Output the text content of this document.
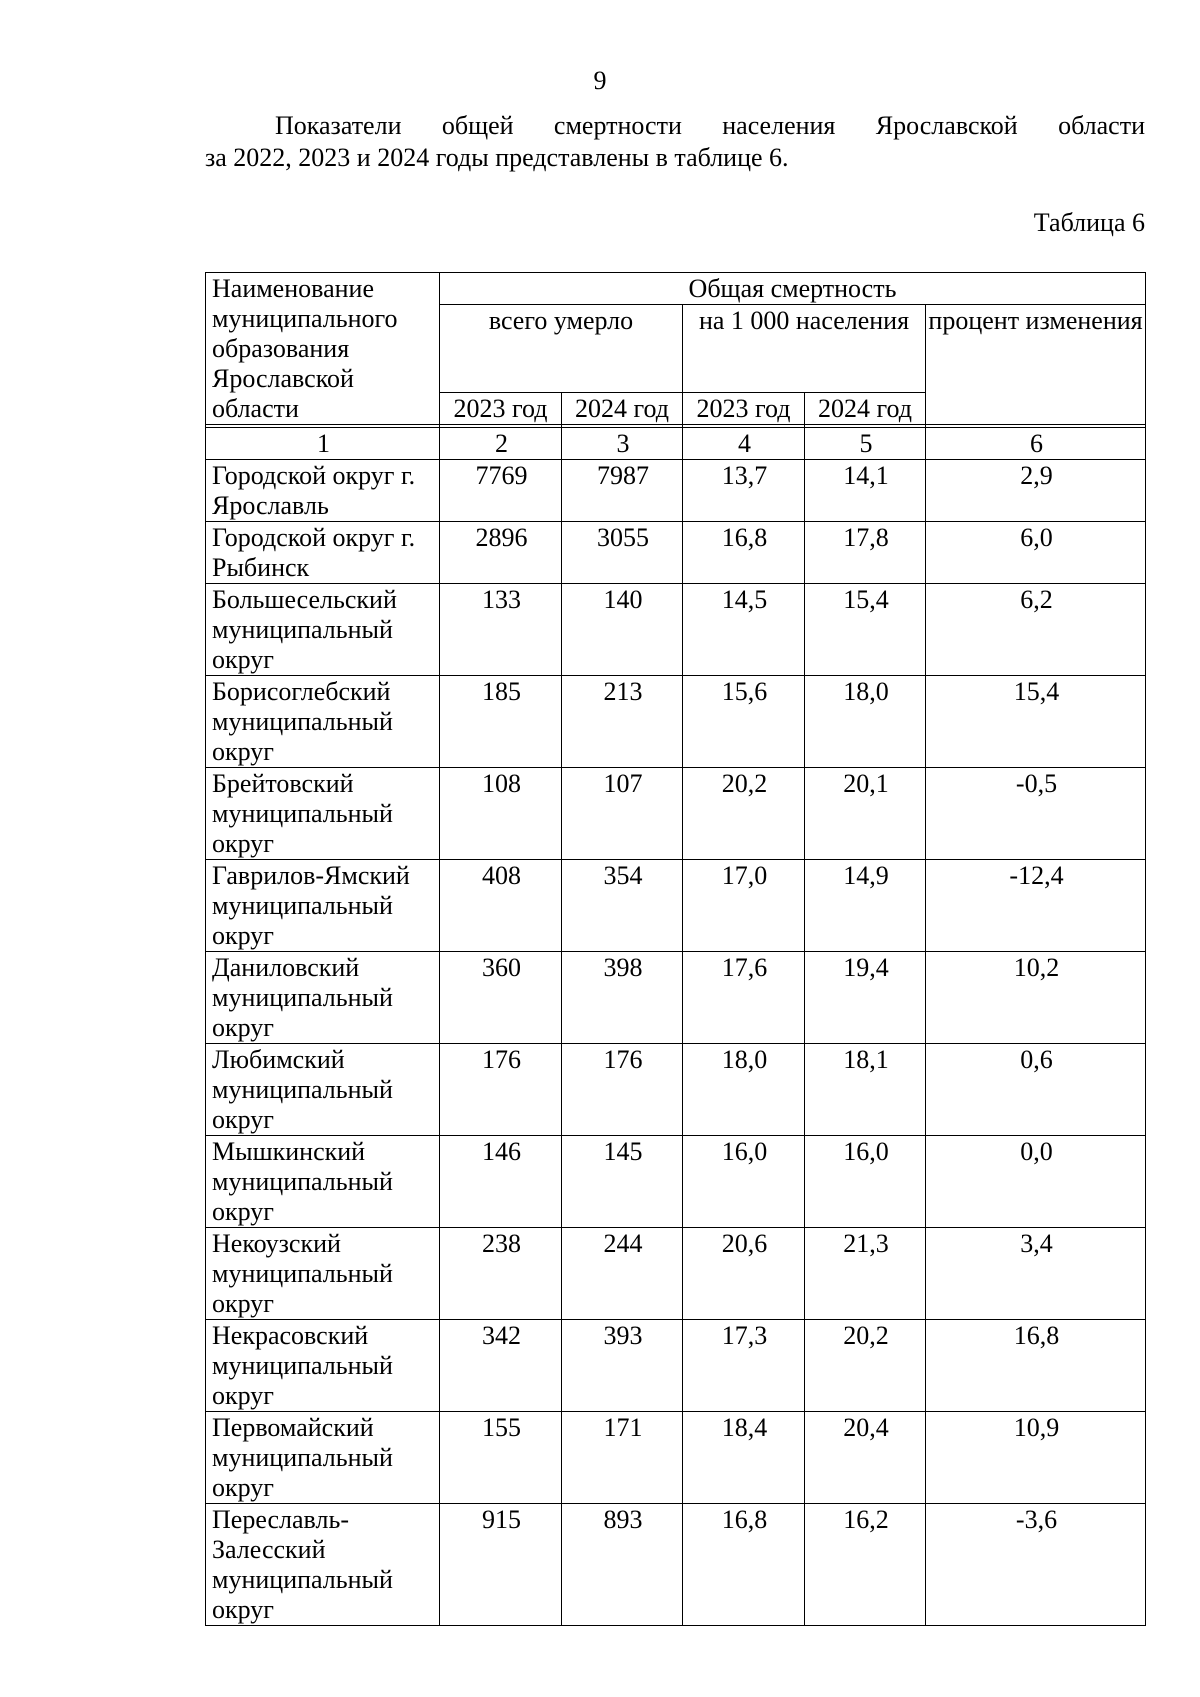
9
Показатели общей смертности населения Ярославской области
за 2022, 2023 и 2024 годы представлены в таблице 6.
Таблица 6
Наименование муниципального образования Ярославской области	Общая смертность				
	всего умерло		на 1 000 населения		процент изменения
	2023 год	2024 год	2023 год	2024 год	

1	2	3	4	5	6
Городской округ г. Ярославль	7769	7987	13,7	14,1	2,9
Городской округ г. Рыбинск	2896	3055	16,8	17,8	6,0
Большесельский муниципальный округ	133	140	14,5	15,4	6,2
Борисоглебский муниципальный округ	185	213	15,6	18,0	15,4
Брейтовский муниципальный округ	108	107	20,2	20,1	-0,5
Гаврилов-Ямский муниципальный округ	408	354	17,0	14,9	-12,4
Даниловский муниципальный округ	360	398	17,6	19,4	10,2
Любимский муниципальный округ	176	176	18,0	18,1	0,6
Мышкинский муниципальный округ	146	145	16,0	16,0	0,0
Некоузский муниципальный округ	238	244	20,6	21,3	3,4
Некрасовский муниципальный округ	342	393	17,3	20,2	16,8
Первомайский муниципальный округ	155	171	18,4	20,4	10,9
Переславль-Залесский муниципальный округ	915	893	16,8	16,2	-3,6
